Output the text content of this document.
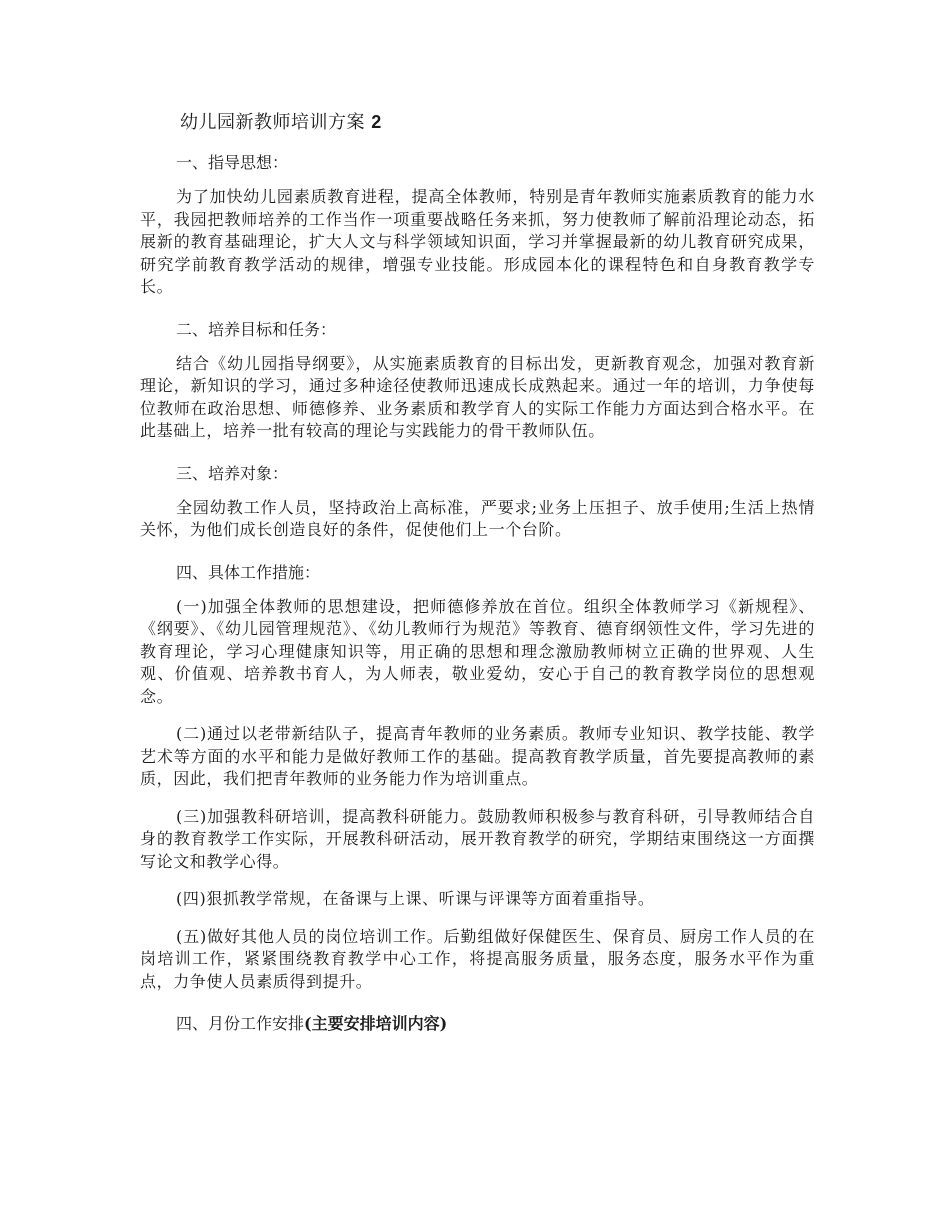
幼儿园新教师培训方案 2
一、指导思想：

为了加快幼儿园素质教育进程，提高全体教师，特别是青年教师实施素质教育的能力水平，我园把教师培养的工作当作一项重要战略任务来抓，努力使教师了解前沿理论动态，拓展新的教育基础理论，扩大人文与科学领域知识面，学习并掌握最新的幼儿教育研究成果，研究学前教育教学活动的规律，增强专业技能。形成园本化的课程特色和自身教育教学专长。

二、培养目标和任务：

结合《幼儿园指导纲要》，从实施素质教育的目标出发，更新教育观念，加强对教育新理论，新知识的学习，通过多种途径使教师迅速成长成熟起来。通过一年的培训，力争使每位教师在政治思想、师德修养、业务素质和教学育人的实际工作能力方面达到合格水平。在此基础上，培养一批有较高的理论与实践能力的骨干教师队伍。

三、培养对象：

全园幼教工作人员，坚持政治上高标准，严要求;业务上压担子、放手使用;生活上热情关怀，为他们成长创造良好的条件，促使他们上一个台阶。

四、具体工作措施：

(一)加强全体教师的思想建设，把师德修养放在首位。组织全体教师学习《新规程》、《纲要》、《幼儿园管理规范》、《幼儿教师行为规范》等教育、德育纲领性文件，学习先进的教育理论，学习心理健康知识等，用正确的思想和理念激励教师树立正确的世界观、人生观、价值观、培养教书育人，为人师表，敬业爱幼，安心于自己的教育教学岗位的思想观念。

(二)通过以老带新结队子，提高青年教师的业务素质。教师专业知识、教学技能、教学艺术等方面的水平和能力是做好教师工作的基础。提高教育教学质量，首先要提高教师的素质，因此，我们把青年教师的业务能力作为培训重点。

(三)加强教科研培训，提高教科研能力。鼓励教师积极参与教育科研，引导教师结合自身的教育教学工作实际，开展教科研活动，展开教育教学的研究，学期结束围绕这一方面撰写论文和教学心得。

(四)狠抓教学常规，在备课与上课、听课与评课等方面着重指导。

(五)做好其他人员的岗位培训工作。后勤组做好保健医生、保育员、厨房工作人员的在岗培训工作，紧紧围绕教育教学中心工作，将提高服务质量，服务态度，服务水平作为重点，力争使人员素质得到提升。

四、月份工作安排(主要安排培训内容)
